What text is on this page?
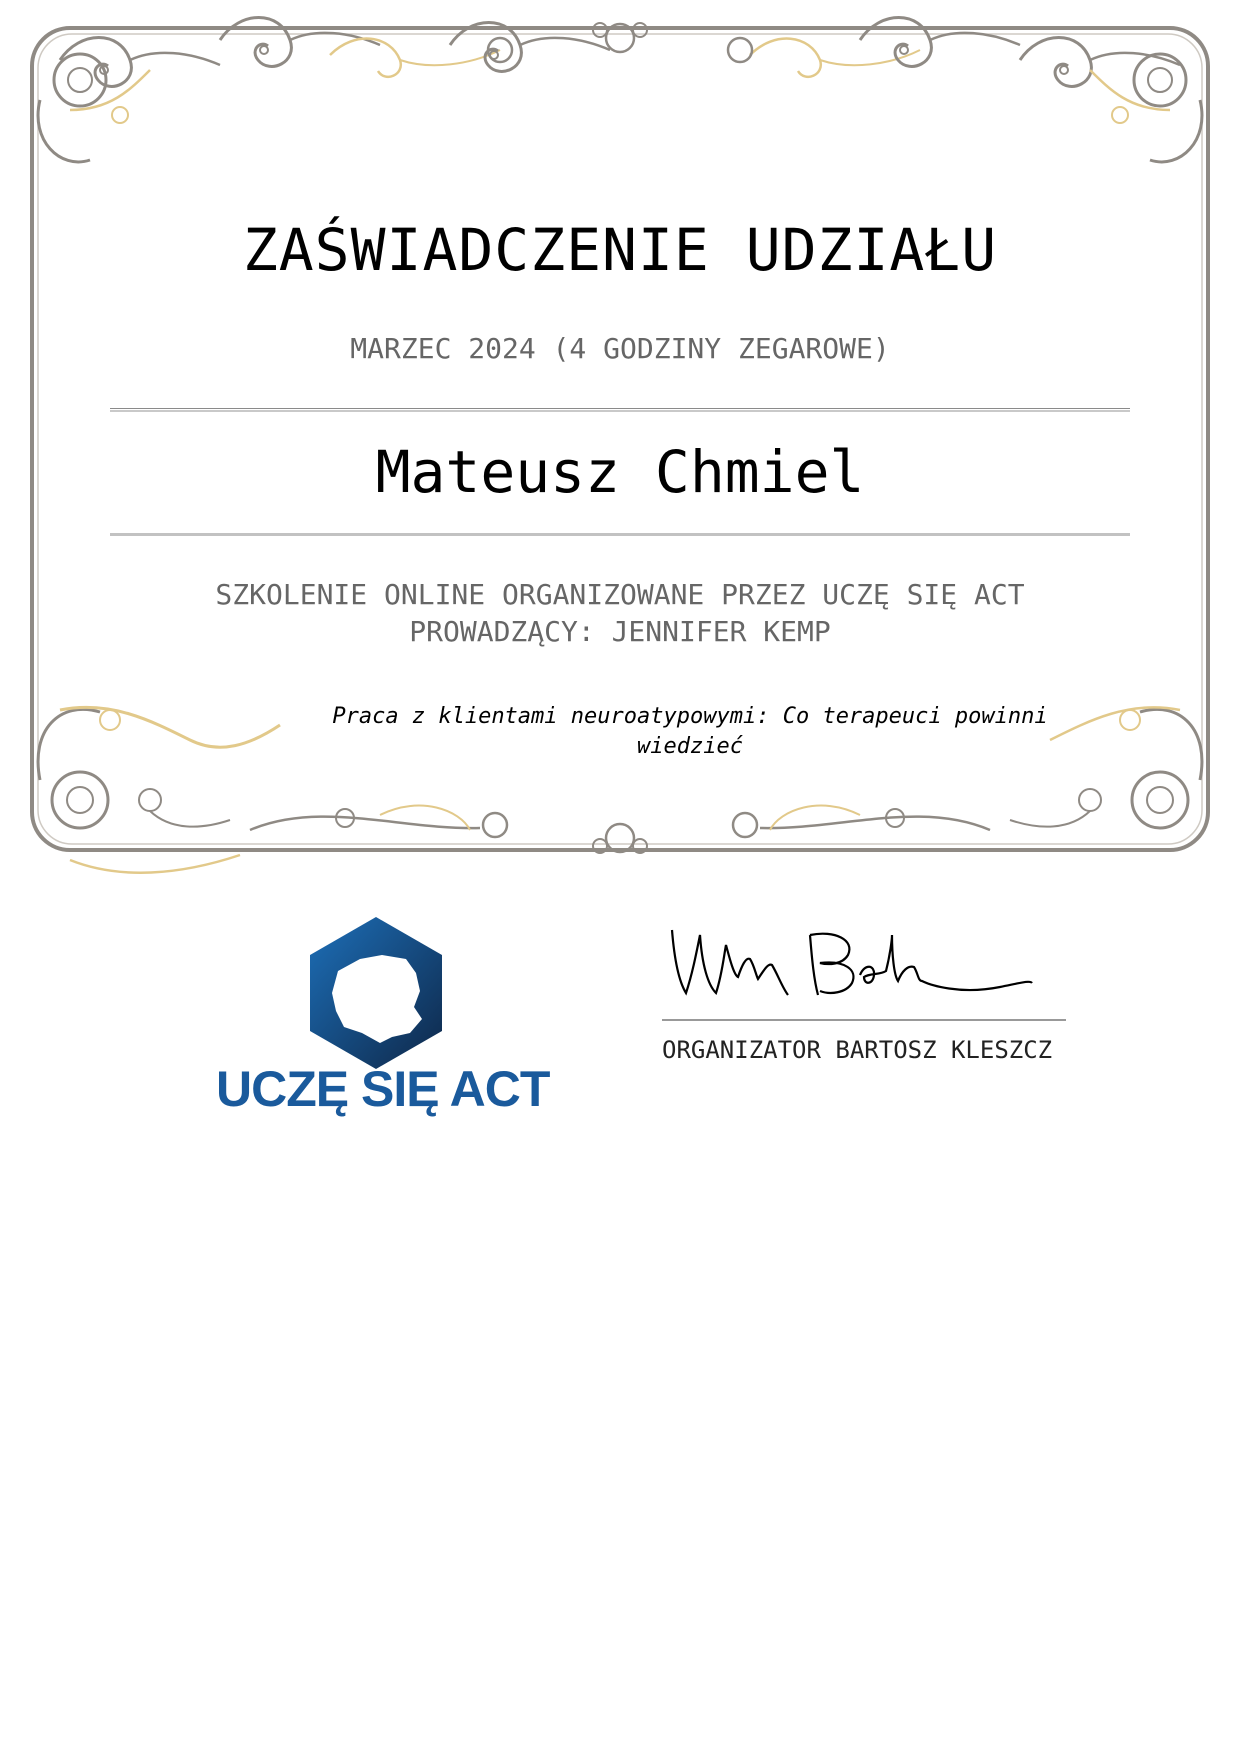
ZAŚWIADCZENIE UDZIAŁU
MARZEC 2024 (4 GODZINY ZEGAROWE)
Mateusz Chmiel
SZKOLENIE ONLINE ORGANIZOWANE PRZEZ UCZĘ SIĘ ACT
PROWADZĄCY: JENNIFER KEMP
Praca z klientami neuroatypowymi: Co terapeuci powinni
wiedzieć
UCZĘ SIĘ ACT
ORGANIZATOR BARTOSZ KLESZCZ
